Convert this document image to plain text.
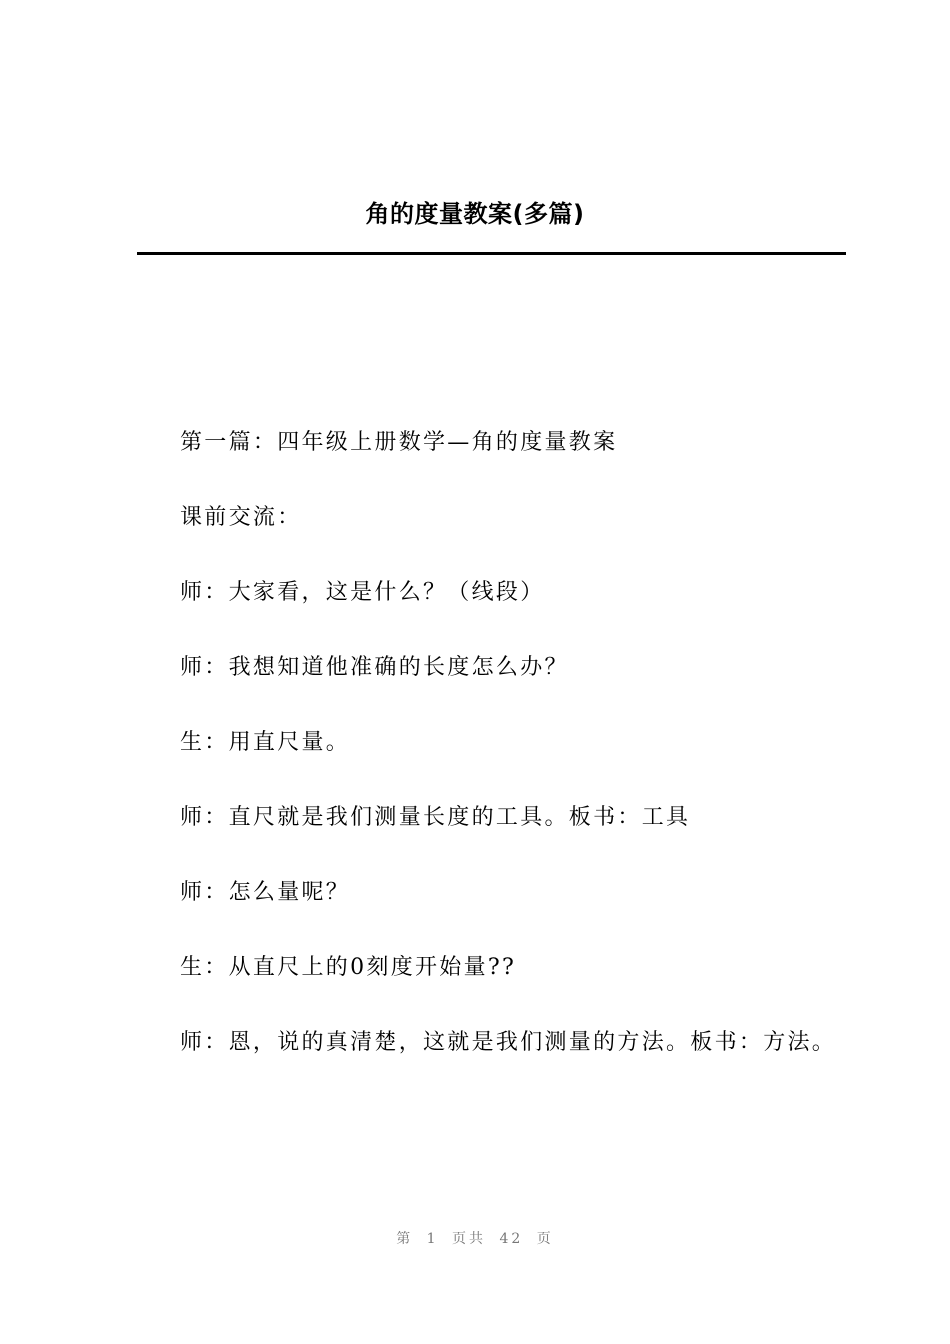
角的度量教案(多篇)

第一篇：四年级上册数学—角的度量教案

课前交流：

师：大家看，这是什么？（线段）

师：我想知道他准确的长度怎么办？

生：用直尺量。

师：直尺就是我们测量长度的工具。板书：工具

师：怎么量呢？

生：从直尺上的0刻度开始量??

师：恩，说的真清楚，这就是我们测量的方法。板书：方法。

第 1 页共 42 页
